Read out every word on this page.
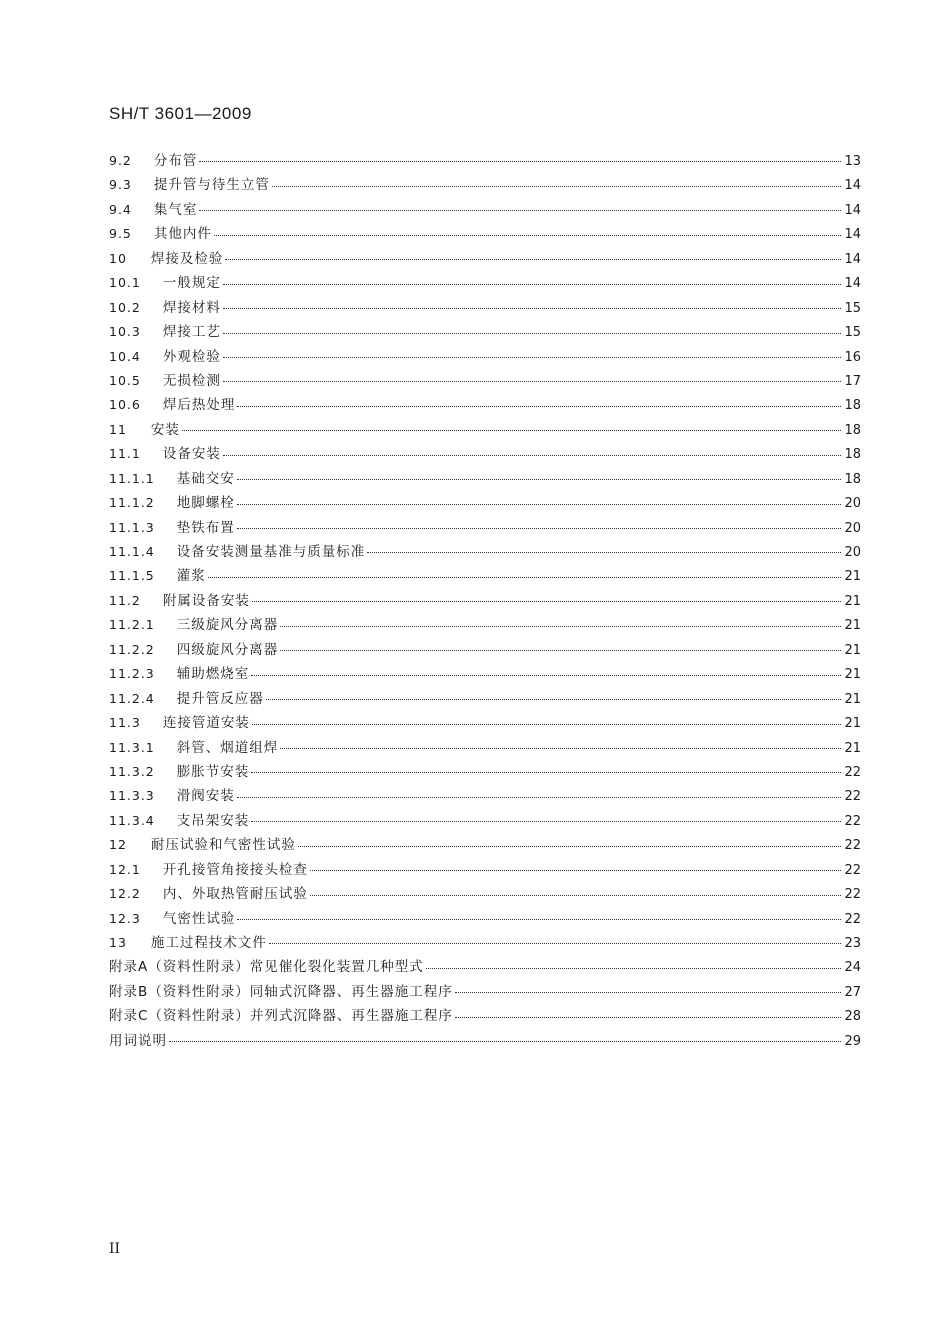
SH/T 3601—2009
9.2 分布管	13
9.3 提升管与待生立管	14
9.4 集气室	14
9.5 其他内件	14
10 焊接及检验	14
10.1 一般规定	14
10.2 焊接材料	15
10.3 焊接工艺	15
10.4 外观检验	16
10.5 无损检测	17
10.6 焊后热处理	18
11 安装	18
11.1 设备安装	18
11.1.1 基础交安	18
11.1.2 地脚螺栓	20
11.1.3 垫铁布置	20
11.1.4 设备安装测量基准与质量标准	20
11.1.5 灌浆	21
11.2 附属设备安装	21
11.2.1 三级旋风分离器	21
11.2.2 四级旋风分离器	21
11.2.3 辅助燃烧室	21
11.2.4 提升管反应器	21
11.3 连接管道安装	21
11.3.1 斜管、烟道组焊	21
11.3.2 膨胀节安装	22
11.3.3 滑阀安装	22
11.3.4 支吊架安装	22
12 耐压试验和气密性试验	22
12.1 开孔接管角接接头检查	22
12.2 内、外取热管耐压试验	22
12.3 气密性试验	22
13 施工过程技术文件	23
附录A（资料性附录）常见催化裂化装置几种型式	24
附录B（资料性附录）同轴式沉降器、再生器施工程序	27
附录C（资料性附录）并列式沉降器、再生器施工程序	28
用词说明	29
II
